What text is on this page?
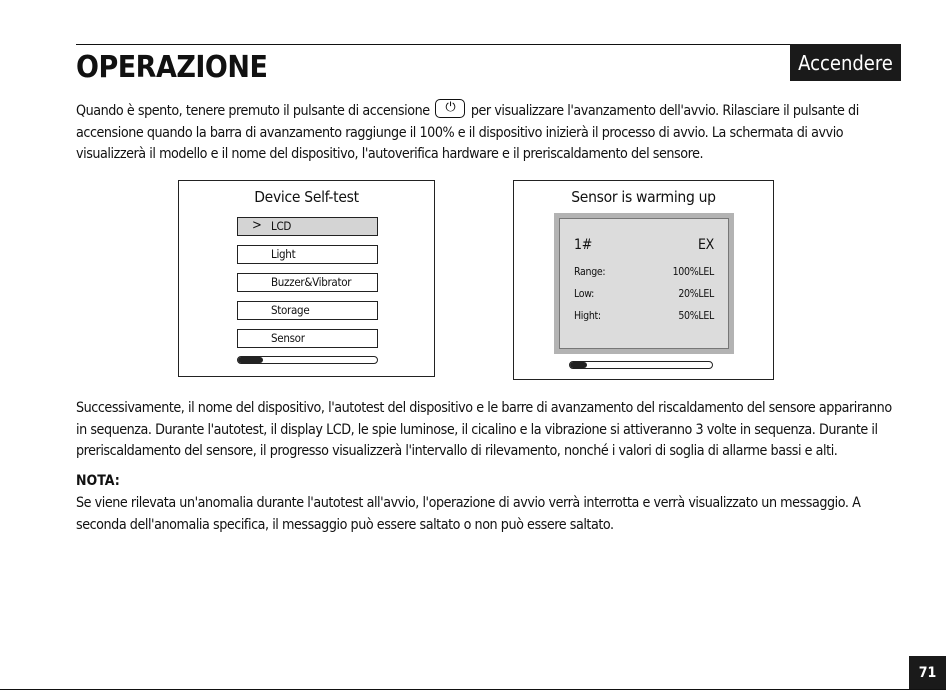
Accendere
OPERAZIONE

Quando è spento, tenere premuto il pulsante di accensione	⏻	per visualizzare l'avanzamento dell'avvio. Rilasciare il pulsante di accensione quando la barra di avanzamento raggiunge il 100% e il dispositivo inizierà il processo di avvio. La schermata di avvio visualizzerà il modello e il nome del dispositivo, l'autoverifica hardware e il preriscaldamento del sensore.

Device Self-test
> LCD
Light
Buzzer&Vibrator
Storage
Sensor
Sensor is warming up
1#	EX
Range:	100%LEL
Low:	20%LEL
Hight:	50%LEL

Successivamente, il nome del dispositivo, l'autotest del dispositivo e le barre di avanzamento del riscaldamento del sensore appariranno in sequenza. Durante l'autotest, il display LCD, le spie luminose, il cicalino e la vibrazione si attiveranno 3 volte in sequenza. Durante il preriscaldamento del sensore, il progresso visualizzerà l'intervallo di rilevamento, nonché i valori di soglia di allarme bassi e alti.

NOTA:

Se viene rilevata un'anomalia durante l'autotest all'avvio, l'operazione di avvio verrà interrotta e verrà visualizzato un messaggio. A seconda dell'anomalia specifica, il messaggio può essere saltato o non può essere saltato.

71
